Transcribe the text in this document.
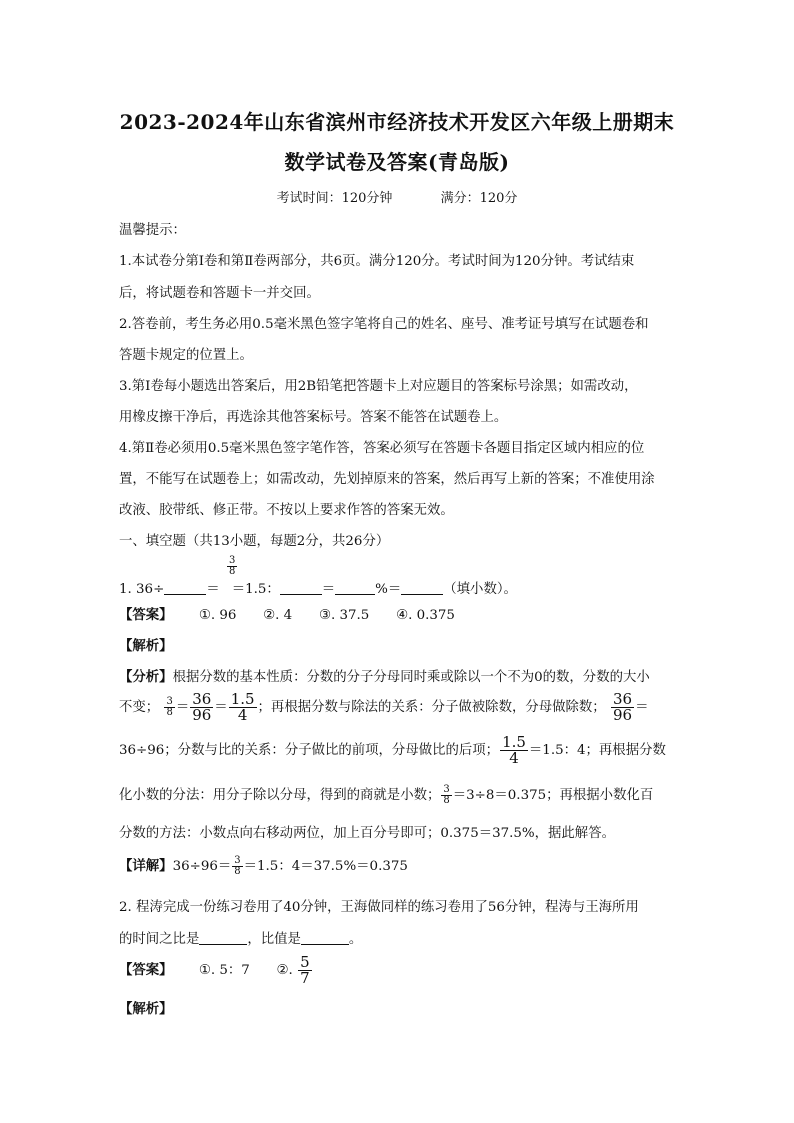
2023-2024年山东省滨州市经济技术开发区六年级上册期末
数学试卷及答案(青岛版)
考试时间：120分钟	满分：120分
温馨提示：
1.本试卷分第Ⅰ卷和第Ⅱ卷两部分，共6页。满分120分。考试时间为120分钟。考试结束
后，将试题卷和答题卡一并交回。
2.答卷前，考生务必用0.5毫米黑色签字笔将自己的姓名、座号、准考证号填写在试题卷和
答题卡规定的位置上。
3.第Ⅰ卷每小题选出答案后，用2B铅笔把答题卡上对应题目的答案标号涂黑；如需改动，
用橡皮擦干净后，再选涂其他答案标号。答案不能答在试题卷上。
4.第Ⅱ卷必须用0.5毫米黑色签字笔作答，答案必须写在答题卡各题目指定区域内相应的位
置，不能写在试题卷上；如需改动，先划掉原来的答案，然后再写上新的答案；不准使用涂
改液、胶带纸、修正带。不按以上要求作答的答案无效。
一、填空题（共13小题，每题2分，共26分）
3
8
1. 36÷	＝ ＝1.5：	＝	%＝	（填小数）。
【答案】 ①. 96　　②. 4　　③. 37.5　　④. 0.375
【解析】
【分析】根据分数的基本性质：分数的分子分母同时乘或除以一个不为0的数，分数的大小
不变； $\frac{3}{8} = \frac{36}{96} = \frac{1.5}{4}$ ；再根据分数与除法的关系：分子做被除数，分母做除数； $\frac{36}{96}$ ＝
36÷96；分数与比的关系：分子做比的前项，分母做比的后项； $\frac{1.5}{4} =1.5$：4；再根据分数
化小数的分法：用分子除以分母，得到的商就是小数； $\frac{3}{8} =3\div 8=0.375$；再根据小数化百
分数的方法：小数点向右移动两位，加上百分号即可；0.375＝37.5%，据此解答。
【详解】$36\div 96= \frac{3}{8} =1.5$：4＝37.5%＝0.375
2. 程涛完成一份练习卷用了40分钟，王海做同样的练习卷用了56分钟，程涛与王海所用
的时间之比是	，比值是	。
【答案】 ①. 5：7　　②. $\frac{5}{7}$
【解析】
